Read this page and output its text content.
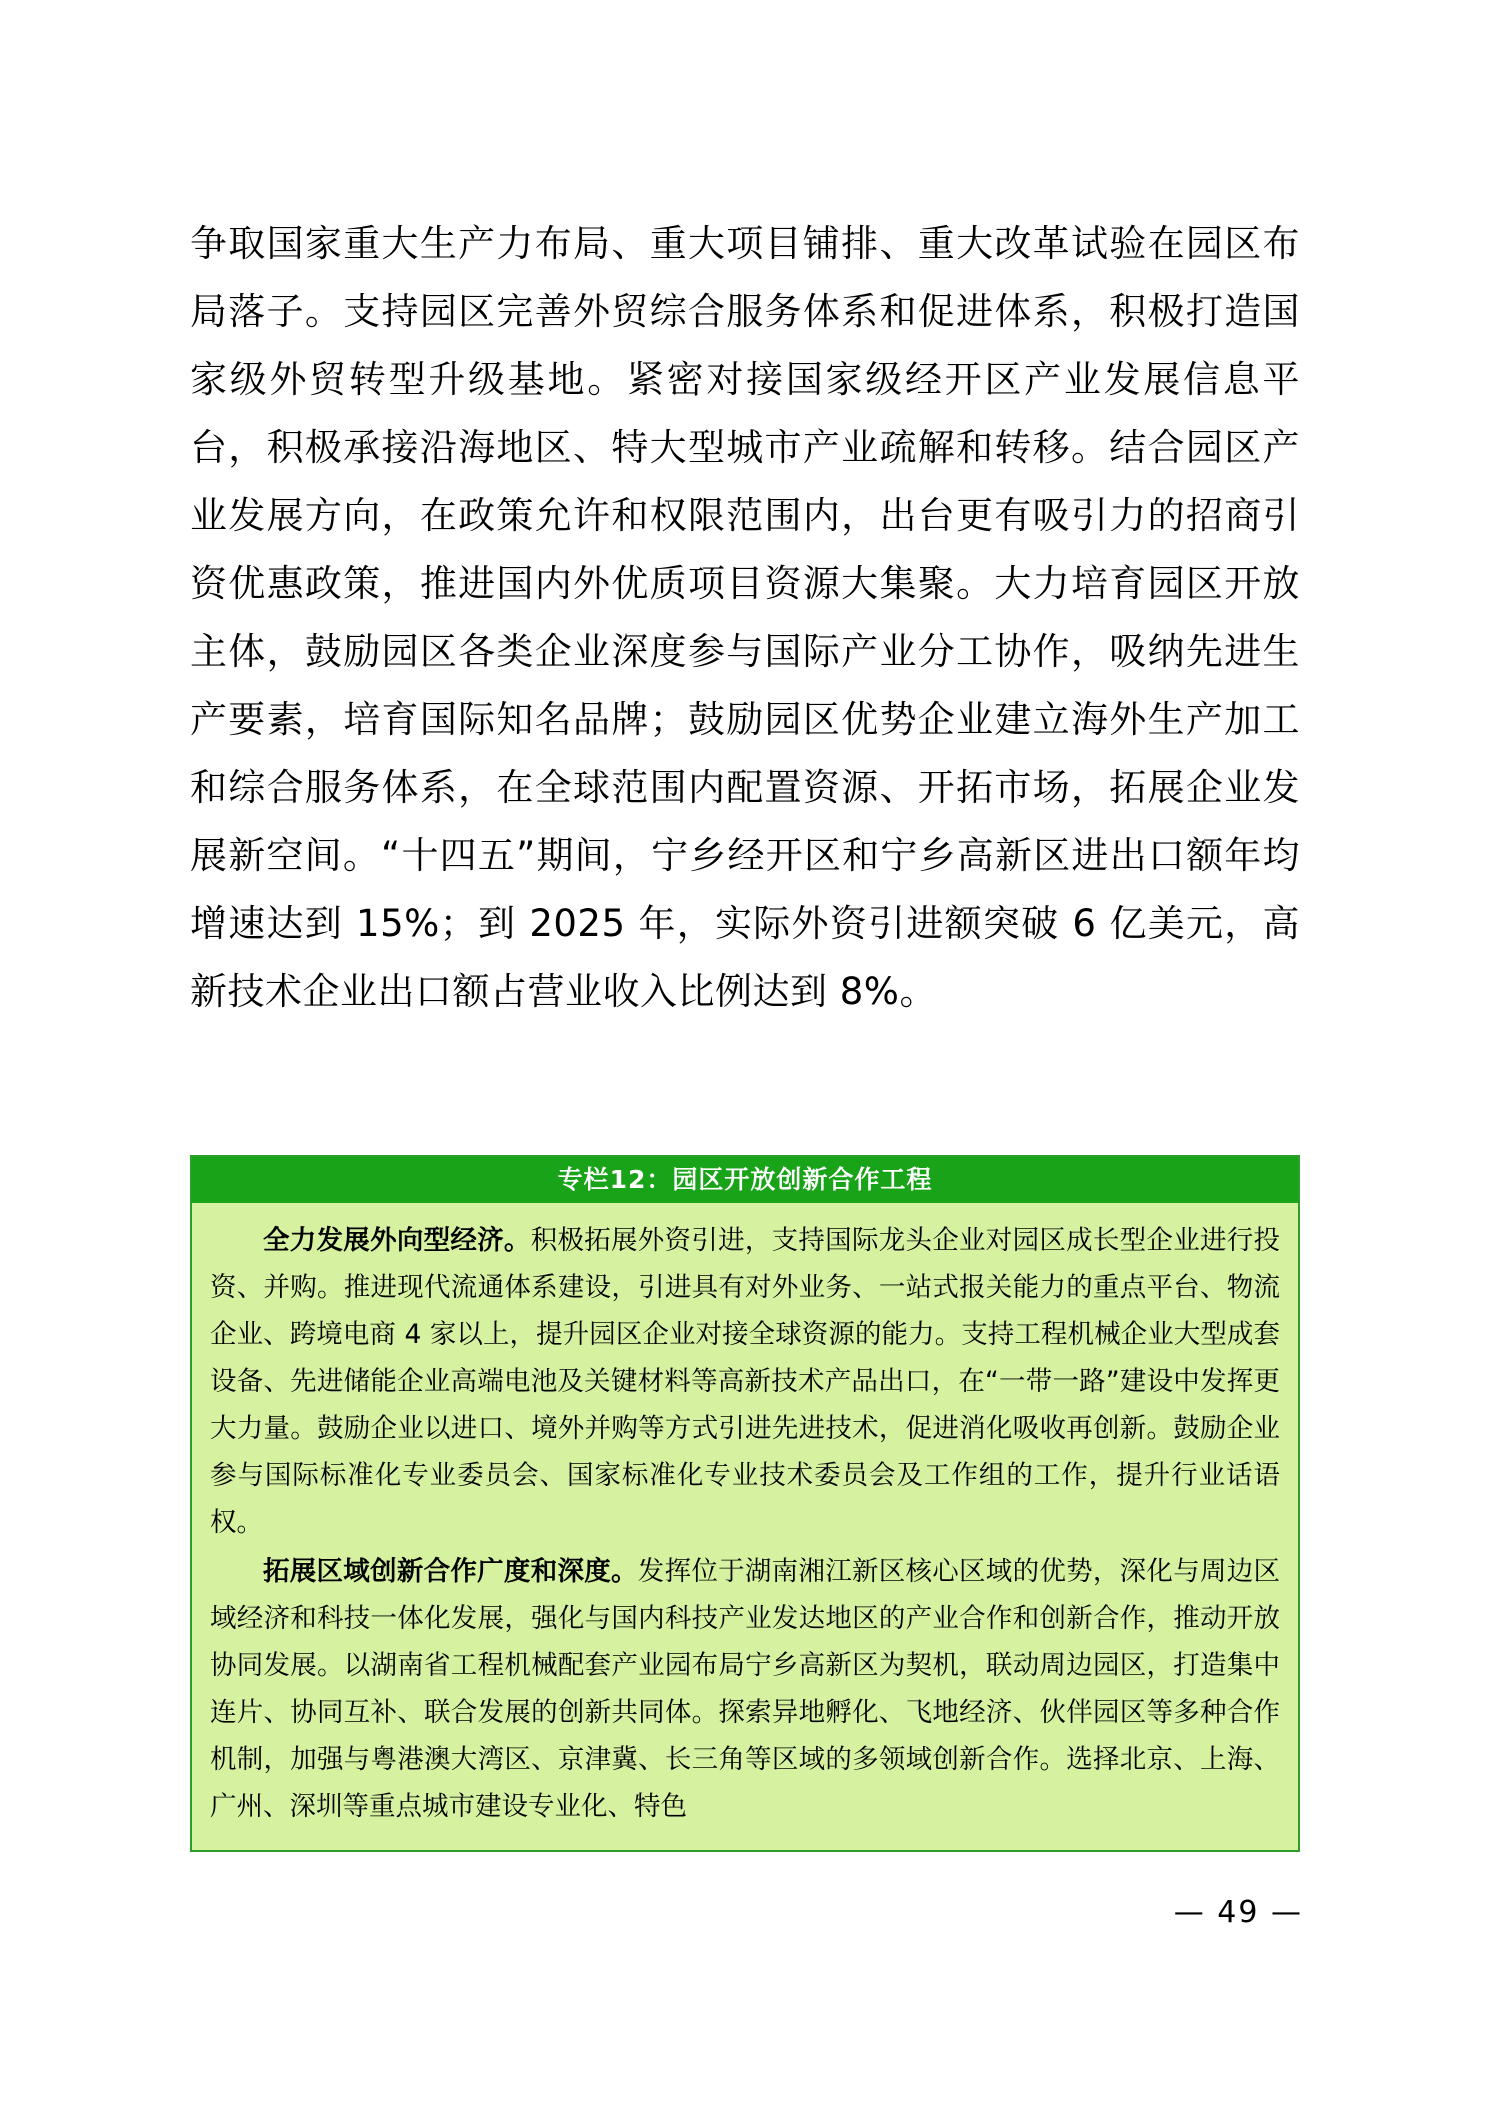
争取国家重大生产力布局、重大项目铺排、重大改革试验在园区布局落子。支持园区完善外贸综合服务体系和促进体系，积极打造国家级外贸转型升级基地。紧密对接国家级经开区产业发展信息平台，积极承接沿海地区、特大型城市产业疏解和转移。结合园区产业发展方向，在政策允许和权限范围内，出台更有吸引力的招商引资优惠政策，推进国内外优质项目资源大集聚。大力培育园区开放主体，鼓励园区各类企业深度参与国际产业分工协作，吸纳先进生产要素，培育国际知名品牌；鼓励园区优势企业建立海外生产加工和综合服务体系，在全球范围内配置资源、开拓市场，拓展企业发展新空间。“十四五”期间，宁乡经开区和宁乡高新区进出口额年均增速达到 15%；到 2025 年，实际外资引进额突破 6 亿美元，高新技术企业出口额占营业收入比例达到 8%。
专栏12：园区开放创新合作工程

全力发展外向型经济。积极拓展外资引进，支持国际龙头企业对园区成长型企业进行投资、并购。推进现代流通体系建设，引进具有对外业务、一站式报关能力的重点平台、物流企业、跨境电商 4 家以上，提升园区企业对接全球资源的能力。支持工程机械企业大型成套设备、先进储能企业高端电池及关键材料等高新技术产品出口，在“一带一路”建设中发挥更大力量。鼓励企业以进口、境外并购等方式引进先进技术，促进消化吸收再创新。鼓励企业参与国际标准化专业委员会、国家标准化专业技术委员会及工作组的工作，提升行业话语权。

拓展区域创新合作广度和深度。发挥位于湖南湘江新区核心区域的优势，深化与周边区域经济和科技一体化发展，强化与国内科技产业发达地区的产业合作和创新合作，推动开放协同发展。以湖南省工程机械配套产业园布局宁乡高新区为契机，联动周边园区，打造集中连片、协同互补、联合发展的创新共同体。探索异地孵化、飞地经济、伙伴园区等多种合作机制，加强与粤港澳大湾区、京津冀、长三角等区域的多领域创新合作。选择北京、上海、广州、深圳等重点城市建设专业化、特色

— 49 —
